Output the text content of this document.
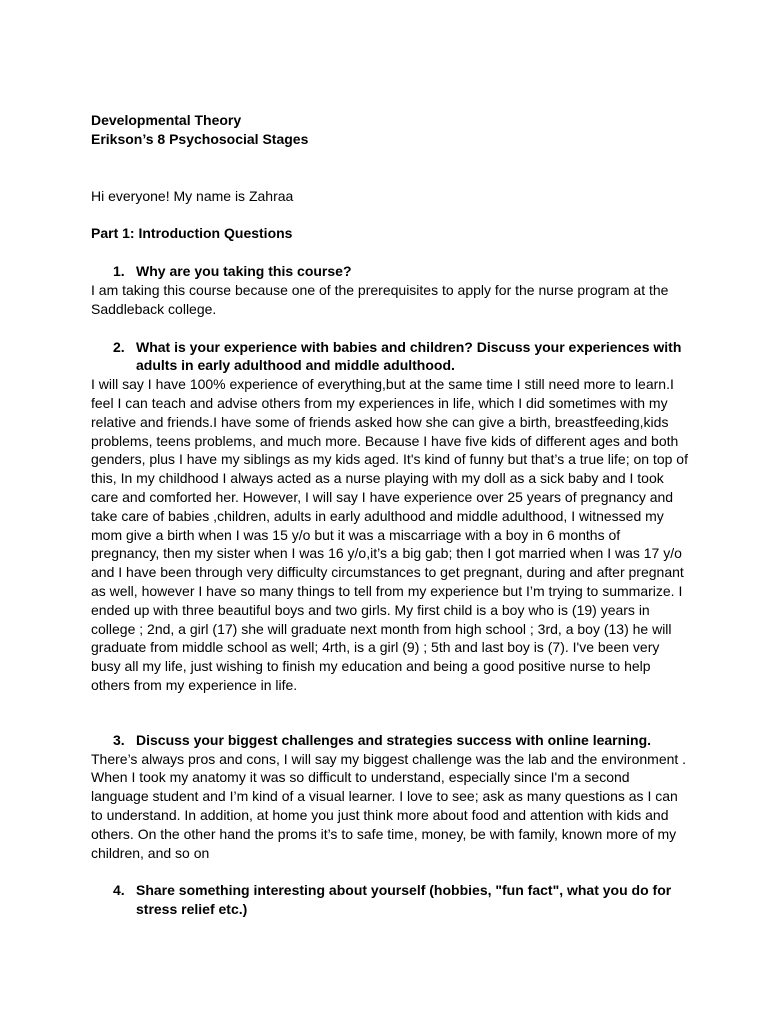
Developmental Theory

Erikson’s 8 Psychosocial Stages

Hi everyone! My name is Zahraa

Part 1: Introduction Questions

1. Why are you taking this course?

I am taking this course because one of the prerequisites to apply for the nurse program at the Saddleback college.

2. What is your experience with babies and children? Discuss your experiences with adults in early adulthood and middle adulthood.

I will say I have 100% experience of everything,but at the same time I still need more to learn.I feel I can teach and advise others from my experiences in life, which I did sometimes with my relative and friends.I have some of friends asked how she can give a birth, breastfeeding,kids problems, teens problems, and much more. Because I have five kids of different ages and both genders, plus I have my siblings as my kids aged. It's kind of funny but that’s a true life; on top of this, In my childhood I always acted as a nurse playing with my doll as a sick baby and I took care and comforted her. However, I will say I have experience over 25 years of pregnancy and take care of babies ,children, adults in early adulthood and middle adulthood, I witnessed my mom give a birth when I was 15 y/o but it was a miscarriage with a boy in 6 months of pregnancy, then my sister when I was 16 y/o,it’s a big gab; then I got married when I was 17 y/o and I have been through very difficulty circumstances to get pregnant, during and after pregnant as well, however I have so many things to tell from my experience but I’m trying to summarize. I ended up with three beautiful boys and two girls. My first child is a boy who is (19) years in college ; 2nd, a girl (17) she will graduate next month from high school ; 3rd, a boy (13) he will graduate from middle school as well; 4rth, is a girl (9) ; 5th and last boy is (7). I've been very busy all my life, just wishing to finish my education and being a good positive nurse to help others from my experience in life.

3. Discuss your biggest challenges and strategies success with online learning.

There’s always pros and cons, I will say my biggest challenge was the lab and the environment . When I took my anatomy it was so difficult to understand, especially since I'm a second language student and I’m kind of a visual learner. I love to see; ask as many questions as I can to understand. In addition, at home you just think more about food and attention with kids and others. On the other hand the proms it’s to safe time, money, be with family, known more of my children, and so on

4. Share something interesting about yourself (hobbies, "fun fact", what you do for stress relief etc.)
